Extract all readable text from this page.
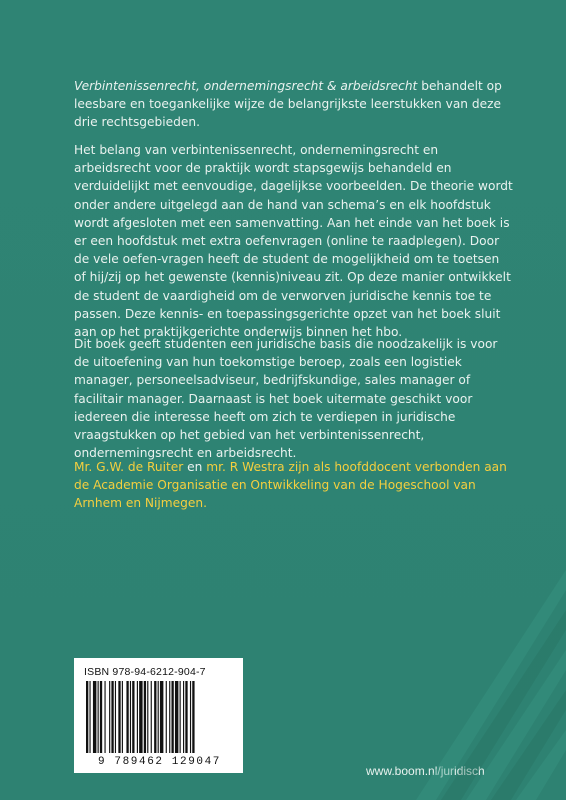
Verbintenissenrecht, ondernemingsrecht & arbeidsrecht behandelt op leesbare en toegankelijke wijze de belangrijkste leerstukken van deze drie rechtsgebieden.

Het belang van verbintenissenrecht, ondernemingsrecht en arbeidsrecht voor de praktijk wordt stapsgewijs behandeld en verduidelijkt met eenvoudige, dagelijkse voorbeelden. De theorie wordt onder andere uitgelegd aan de hand van schema’s en elk hoofdstuk wordt afgesloten met een samenvatting. Aan het einde van het boek is er een hoofdstuk met extra oefenvragen (online te raadplegen). Door de vele oefen-vragen heeft de student de mogelijkheid om te toetsen of hij/zij op het gewenste (kennis)niveau zit. Op deze manier ontwikkelt de student de vaardigheid om de verworven juridische kennis toe te passen. Deze kennis- en toepassingsgerichte opzet van het boek sluit aan op het praktijkgerichte onderwijs binnen het hbo.

Dit boek geeft studenten een juridische basis die noodzakelijk is voor de uitoefening van hun toekomstige beroep, zoals een logistiek manager, personeelsadviseur, bedrijfskundige, sales manager of facilitair manager. Daarnaast is het boek uitermate geschikt voor iedereen die interesse heeft om zich te verdiepen in juridische vraagstukken op het gebied van het verbintenissenrecht, ondernemingsrecht en arbeidsrecht.

Mr. G.W. de Ruiter en mr. R Westra zijn als hoofddocent verbonden aan de Academie Organisatie en Ontwikkeling van de Hogeschool van Arnhem en Nijmegen.

ISBN 978-94-6212-904-7
9 789462 129047
www.boom.nl/juridisch
